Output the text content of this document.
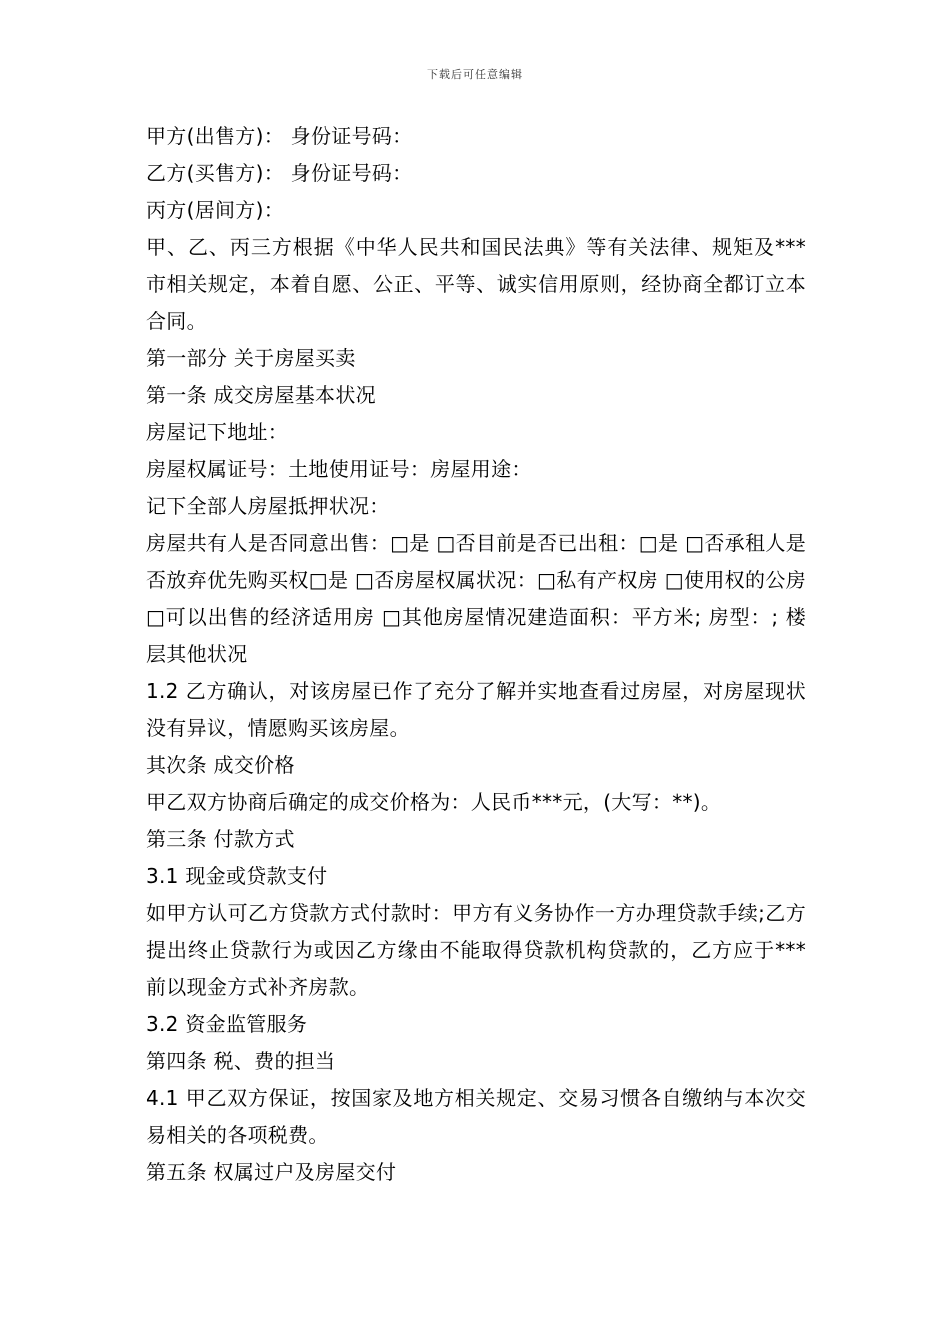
下载后可任意编辑

甲方(出售方)： 身份证号码：

乙方(买售方)： 身份证号码：

丙方(居间方)：

甲、乙、丙三方根据《中华人民共和国民法典》等有关法律、规矩及***市相关规定，本着自愿、公正、平等、诚实信用原则，经协商全都订立本合同。

第一部分 关于房屋买卖

第一条 成交房屋基本状况

房屋记下地址：

房屋权属证号：土地使用证号：房屋用途：

记下全部人房屋抵押状况：

房屋共有人是否同意出售：□是 □否目前是否已出租：□是 □否承租人是否放弃优先购买权□是 □否房屋权属状况：□私有产权房 □使用权的公房□可以出售的经济适用房 □其他房屋情况建造面积：平方米; 房型：; 楼层其他状况

1.2 乙方确认，对该房屋已作了充分了解并实地查看过房屋，对房屋现状没有异议，情愿购买该房屋。

其次条 成交价格

甲乙双方协商后确定的成交价格为：人民币***元，(大写：**)。

第三条 付款方式

3.1 现金或贷款支付

如甲方认可乙方贷款方式付款时：甲方有义务协作一方办理贷款手续;乙方提出终止贷款行为或因乙方缘由不能取得贷款机构贷款的，乙方应于***前以现金方式补齐房款。

3.2 资金监管服务

第四条 税、费的担当

4.1 甲乙双方保证，按国家及地方相关规定、交易习惯各自缴纳与本次交易相关的各项税费。

第五条 权属过户及房屋交付
